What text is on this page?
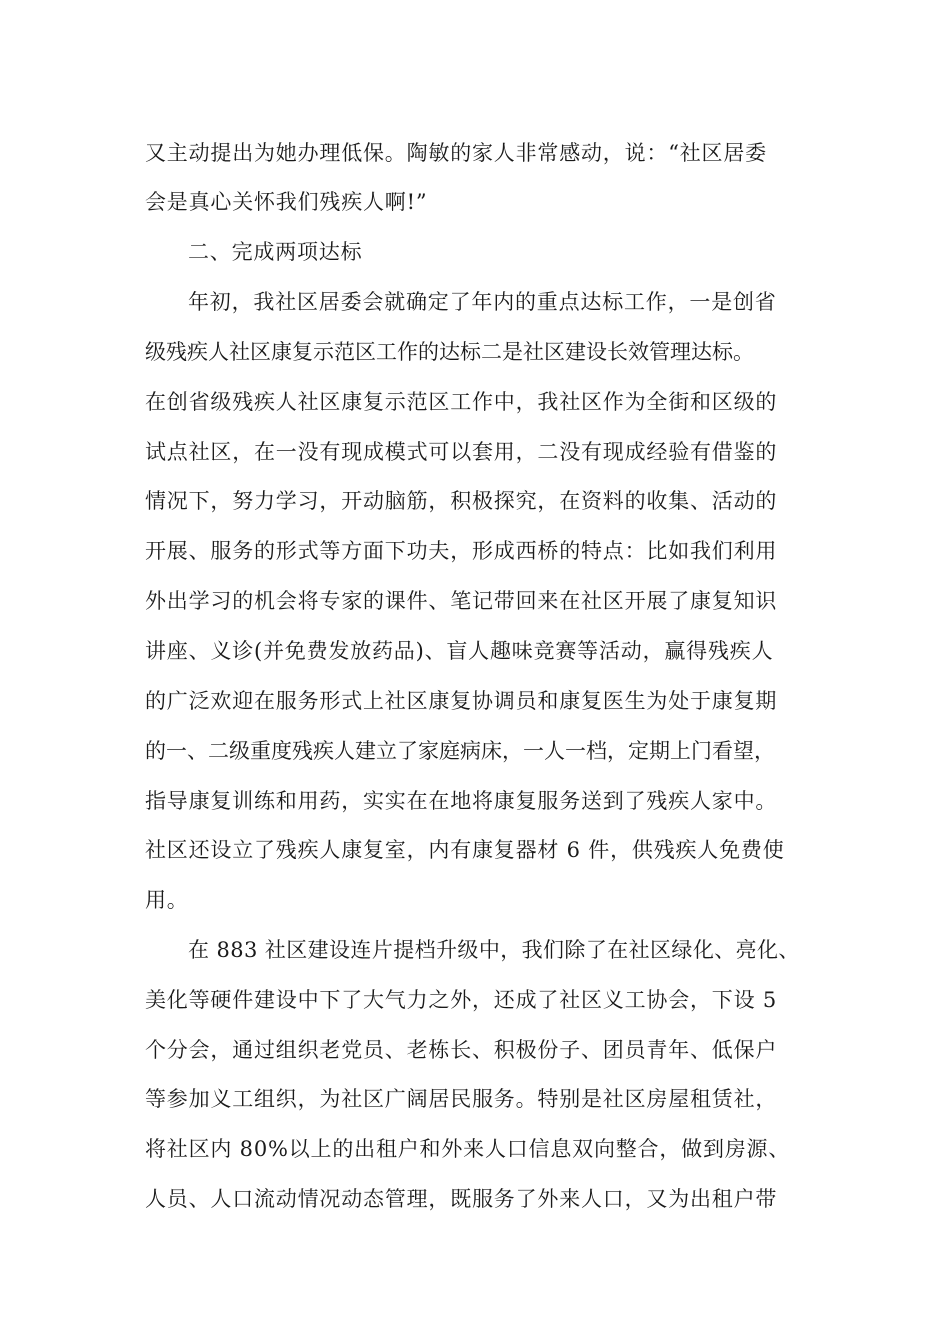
又主动提出为她办理低保。陶敏的家人非常感动，说：“社区居委
会是真心关怀我们残疾人啊!”
二、完成两项达标
年初，我社区居委会就确定了年内的重点达标工作，一是创省
级残疾人社区康复示范区工作的达标二是社区建设长效管理达标。
在创省级残疾人社区康复示范区工作中，我社区作为全街和区级的
试点社区，在一没有现成模式可以套用，二没有现成经验有借鉴的
情况下，努力学习，开动脑筋，积极探究，在资料的收集、活动的
开展、服务的形式等方面下功夫，形成西桥的特点：比如我们利用
外出学习的机会将专家的课件、笔记带回来在社区开展了康复知识
讲座、义诊(并免费发放药品)、盲人趣味竞赛等活动，赢得残疾人
的广泛欢迎在服务形式上社区康复协调员和康复医生为处于康复期
的一、二级重度残疾人建立了家庭病床，一人一档，定期上门看望，
指导康复训练和用药，实实在在地将康复服务送到了残疾人家中。
社区还设立了残疾人康复室，内有康复器材 6 件，供残疾人免费使
用。
在 883 社区建设连片提档升级中，我们除了在社区绿化、亮化、
美化等硬件建设中下了大气力之外，还成了社区义工协会，下设 5
个分会，通过组织老党员、老栋长、积极份子、团员青年、低保户
等参加义工组织，为社区广阔居民服务。特别是社区房屋租赁社，
将社区内 80%以上的出租户和外来人口信息双向整合，做到房源、
人员、人口流动情况动态管理，既服务了外来人口，又为出租户带
